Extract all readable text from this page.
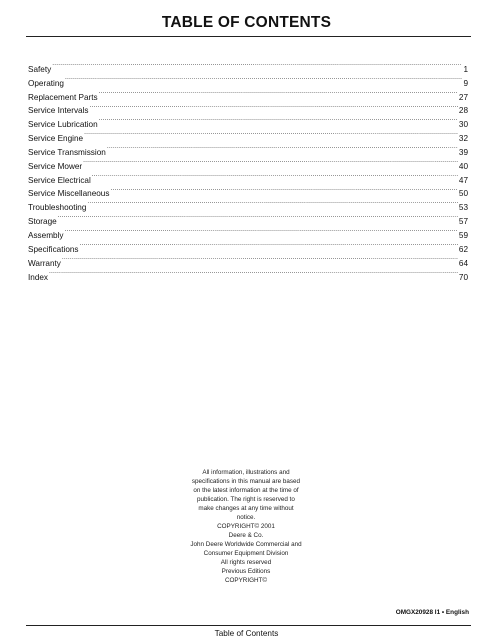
TABLE OF CONTENTS
Safety .....	1
Operating .....	9
Replacement Parts .....	27
Service Intervals .....	28
Service Lubrication .....	30
Service Engine .....	32
Service Transmission .....	39
Service Mower .....	40
Service Electrical .....	47
Service Miscellaneous .....	50
Troubleshooting .....	53
Storage .....	57
Assembly .....	59
Specifications .....	62
Warranty .....	64
Index .....	70
All information, illustrations and
specifications in this manual are based
on the latest information at the time of
publication. The right is reserved to
make changes at any time without
notice.
COPYRIGHT© 2001
Deere & Co.
John Deere Worldwide Commercial and
Consumer Equipment Division
All rights reserved
Previous Editions
COPYRIGHT©
OMGX20928 I1 • English
Table of Contents
